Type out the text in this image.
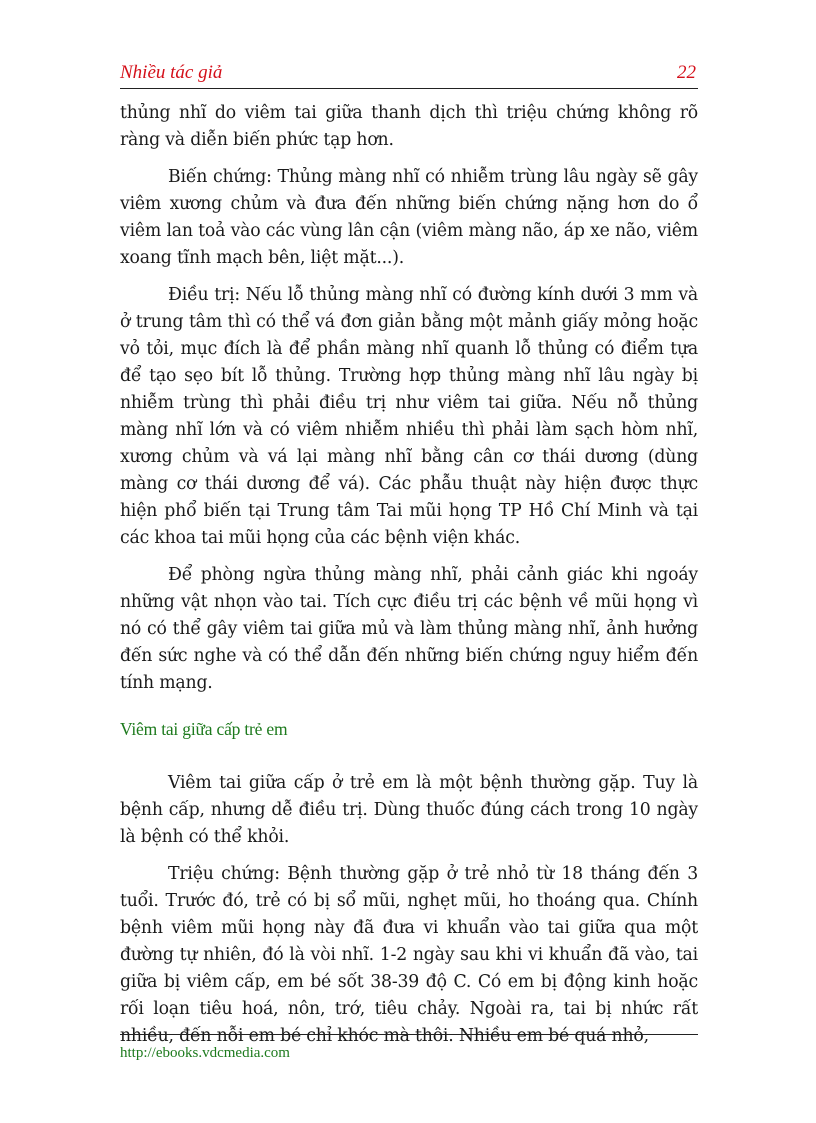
Nhiều tác giả	22

thủng nhĩ do viêm tai giữa thanh dịch thì triệu chứng không rõ ràng và diễn biến phức tạp hơn.

Biến chứng: Thủng màng nhĩ có nhiễm trùng lâu ngày sẽ gây viêm xương chủm và đưa đến những biến chứng nặng hơn do ổ viêm lan toả vào các vùng lân cận (viêm màng não, áp xe não, viêm xoang tĩnh mạch bên, liệt mặt...).

Điều trị: Nếu lỗ thủng màng nhĩ có đường kính dưới 3 mm và ở trung tâm thì có thể vá đơn giản bằng một mảnh giấy mỏng hoặc vỏ tỏi, mục đích là để phần màng nhĩ quanh lỗ thủng có điểm tựa để tạo sẹo bít lỗ thủng. Trường hợp thủng màng nhĩ lâu ngày bị nhiễm trùng thì phải điều trị như viêm tai giữa. Nếu nỗ thủng màng nhĩ lớn và có viêm nhiễm nhiều thì phải làm sạch hòm nhĩ, xương chủm và vá lại màng nhĩ bằng cân cơ thái dương (dùng màng cơ thái dương để vá). Các phẫu thuật này hiện được thực hiện phổ biến tại Trung tâm Tai mũi họng TP Hồ Chí Minh và tại các khoa tai mũi họng của các bệnh viện khác.

Để phòng ngừa thủng màng nhĩ, phải cảnh giác khi ngoáy những vật nhọn vào tai. Tích cực điều trị các bệnh về mũi họng vì nó có thể gây viêm tai giữa mủ và làm thủng màng nhĩ, ảnh hưởng đến sức nghe và có thể dẫn đến những biến chứng nguy hiểm đến tính mạng.

Viêm tai giữa cấp trẻ em

Viêm tai giữa cấp ở trẻ em là một bệnh thường gặp. Tuy là bệnh cấp, nhưng dễ điều trị. Dùng thuốc đúng cách trong 10 ngày là bệnh có thể khỏi.

Triệu chứng: Bệnh thường gặp ở trẻ nhỏ từ 18 tháng đến 3 tuổi. Trước đó, trẻ có bị sổ mũi, nghẹt mũi, ho thoáng qua. Chính bệnh viêm mũi họng này đã đưa vi khuẩn vào tai giữa qua một đường tự nhiên, đó là vòi nhĩ. 1-2 ngày sau khi vi khuẩn đã vào, tai giữa bị viêm cấp, em bé sốt 38-39 độ C. Có em bị động kinh hoặc rối loạn tiêu hoá, nôn, trớ, tiêu chảy. Ngoài ra, tai bị nhức rất nhiều, đến nỗi em bé chỉ khóc mà thôi. Nhiều em bé quá nhỏ,

http://ebooks.vdcmedia.com
